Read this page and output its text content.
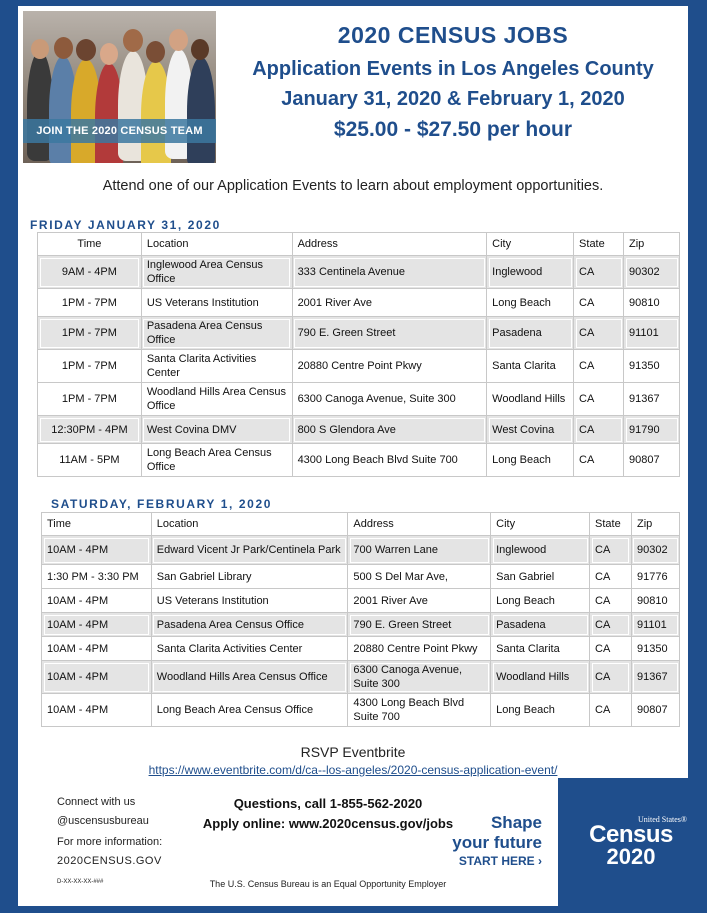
JOIN THE 2020 CENSUS TEAM
2020 CENSUS JOBS
Application Events in Los Angeles County
January 31, 2020 & February 1, 2020
$25.00 - $27.50 per hour
Attend one of our Application Events to learn about employment opportunities.
FRIDAY JANUARY 31, 2020
Time	Location	Address	City	State	Zip
9AM - 4PM	Inglewood Area Census Office	333 Centinela Avenue	Inglewood	CA	90302
1PM - 7PM	US Veterans Institution	2001 River Ave	Long Beach	CA	90810
1PM - 7PM	Pasadena Area Census Office	790 E. Green Street	Pasadena	CA	91101
1PM - 7PM	Santa Clarita Activities Center	20880 Centre Point Pkwy	Santa Clarita	CA	91350
1PM - 7PM	Woodland Hills Area Census Office	6300 Canoga Avenue, Suite 300	Woodland Hills	CA	91367
12:30PM - 4PM	West Covina DMV	800 S Glendora Ave	West Covina	CA	91790
11AM - 5PM	Long Beach Area Census Office	4300 Long Beach Blvd Suite 700	Long Beach	CA	90807
SATURDAY, FEBRUARY 1, 2020
Time	Location	Address	City	State	Zip
10AM - 4PM	Edward Vicent Jr Park/Centinela Park	700 Warren Lane	Inglewood	CA	90302
1:30 PM - 3:30 PM	San Gabriel Library	500 S Del Mar Ave,	San Gabriel	CA	91776
10AM - 4PM	US Veterans Institution	2001 River Ave	Long Beach	CA	90810
10AM - 4PM	Pasadena Area Census Office	790 E. Green Street	Pasadena	CA	91101
10AM - 4PM	Santa Clarita Activities Center	20880 Centre Point Pkwy	Santa Clarita	CA	91350
10AM - 4PM	Woodland Hills Area Census Office	6300 Canoga Avenue, Suite 300	Woodland Hills	CA	91367
10AM - 4PM	Long Beach Area Census Office	4300 Long Beach Blvd Suite 700	Long Beach	CA	90807
RSVP Eventbrite
https://www.eventbrite.com/d/ca--los-angeles/2020-census-application-event/
Connect with us
@uscensusbureau
For more information:
2020CENSUS.GOV
D-XX-XX-XX-###
Questions, call 1-855-562-2020
Apply online: www.2020census.gov/jobs
The U.S. Census Bureau is an Equal Opportunity Employer
Shape
your future
START HERE ›
United States®
Census
2020
